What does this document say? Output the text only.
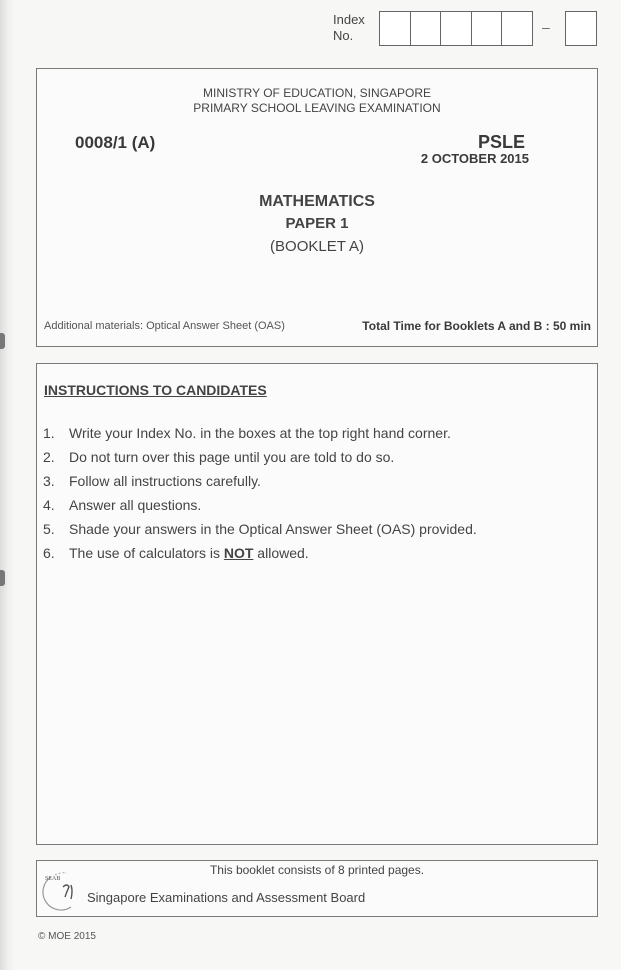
Index
No.
–
MINISTRY OF EDUCATION, SINGAPORE
PRIMARY SCHOOL LEAVING EXAMINATION
0008/1 (A)	PSLE
2 OCTOBER 2015
MATHEMATICS
PAPER 1
(BOOKLET A)
Additional materials: Optical Answer Sheet (OAS)	Total Time for Booklets A and B : 50 min
INSTRUCTIONS TO CANDIDATES
1.	Write your Index No. in the boxes at the top right hand corner.
2.	Do not turn over this page until you are told to do so.
3.	Follow all instructions carefully.
4.	Answer all questions.
5.	Shade your answers in the Optical Answer Sheet (OAS) provided.
6.	The use of calculators is NOT allowed.
This booklet consists of 8 printed pages.
SEAB
Singapore Examinations and Assessment Board
© MOE 2015
